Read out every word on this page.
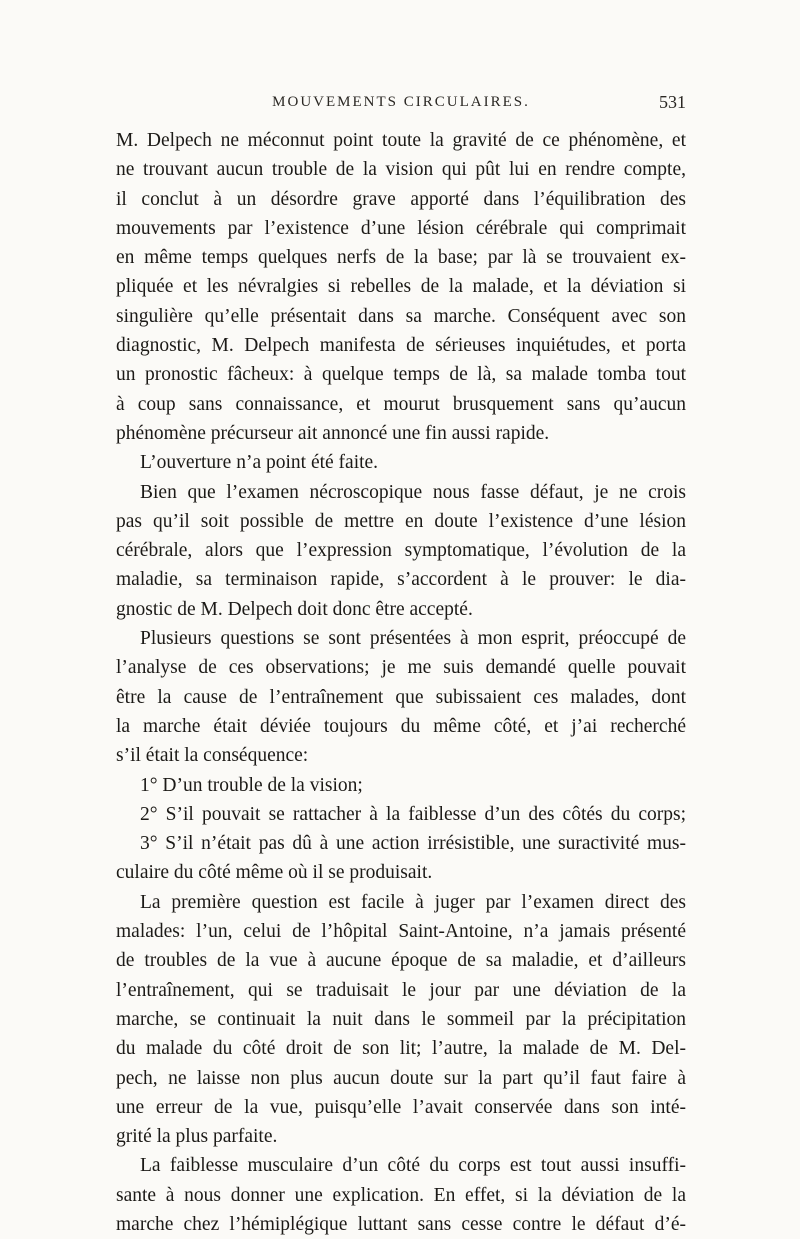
MOUVEMENTS CIRCULAIRES.	531
M. Delpech ne méconnut point toute la gravité de ce phénomène, et
ne trouvant aucun trouble de la vision qui pût lui en rendre compte,
il conclut à un désordre grave apporté dans l’équilibration des
mouvements par l’existence d’une lésion cérébrale qui comprimait
en même temps quelques nerfs de la base; par là se trouvaient ex-
pliquée et les névralgies si rebelles de la malade, et la déviation si
singulière qu’elle présentait dans sa marche. Conséquent avec son
diagnostic, M. Delpech manifesta de sérieuses inquiétudes, et porta
un pronostic fâcheux: à quelque temps de là, sa malade tomba tout
à coup sans connaissance, et mourut brusquement sans qu’aucun
phénomène précurseur ait annoncé une fin aussi rapide.
L’ouverture n’a point été faite.
Bien que l’examen nécroscopique nous fasse défaut, je ne crois
pas qu’il soit possible de mettre en doute l’existence d’une lésion
cérébrale, alors que l’expression symptomatique, l’évolution de la
maladie, sa terminaison rapide, s’accordent à le prouver: le dia-
gnostic de M. Delpech doit donc être accepté.
Plusieurs questions se sont présentées à mon esprit, préoccupé de
l’analyse de ces observations; je me suis demandé quelle pouvait
être la cause de l’entraînement que subissaient ces malades, dont
la marche était déviée toujours du même côté, et j’ai recherché
s’il était la conséquence:
1° D’un trouble de la vision;
2° S’il pouvait se rattacher à la faiblesse d’un des côtés du corps;
3° S’il n’était pas dû à une action irrésistible, une suractivité mus-
culaire du côté même où il se produisait.
La première question est facile à juger par l’examen direct des
malades: l’un, celui de l’hôpital Saint-Antoine, n’a jamais présenté
de troubles de la vue à aucune époque de sa maladie, et d’ailleurs
l’entraînement, qui se traduisait le jour par une déviation de la
marche, se continuait la nuit dans le sommeil par la précipitation
du malade du côté droit de son lit; l’autre, la malade de M. Del-
pech, ne laisse non plus aucun doute sur la part qu’il faut faire à
une erreur de la vue, puisqu’elle l’avait conservée dans son inté-
grité la plus parfaite.
La faiblesse musculaire d’un côté du corps est tout aussi insuffi-
sante à nous donner une explication. En effet, si la déviation de la
marche chez l’hémiplégique luttant sans cesse contre le défaut d’é-
